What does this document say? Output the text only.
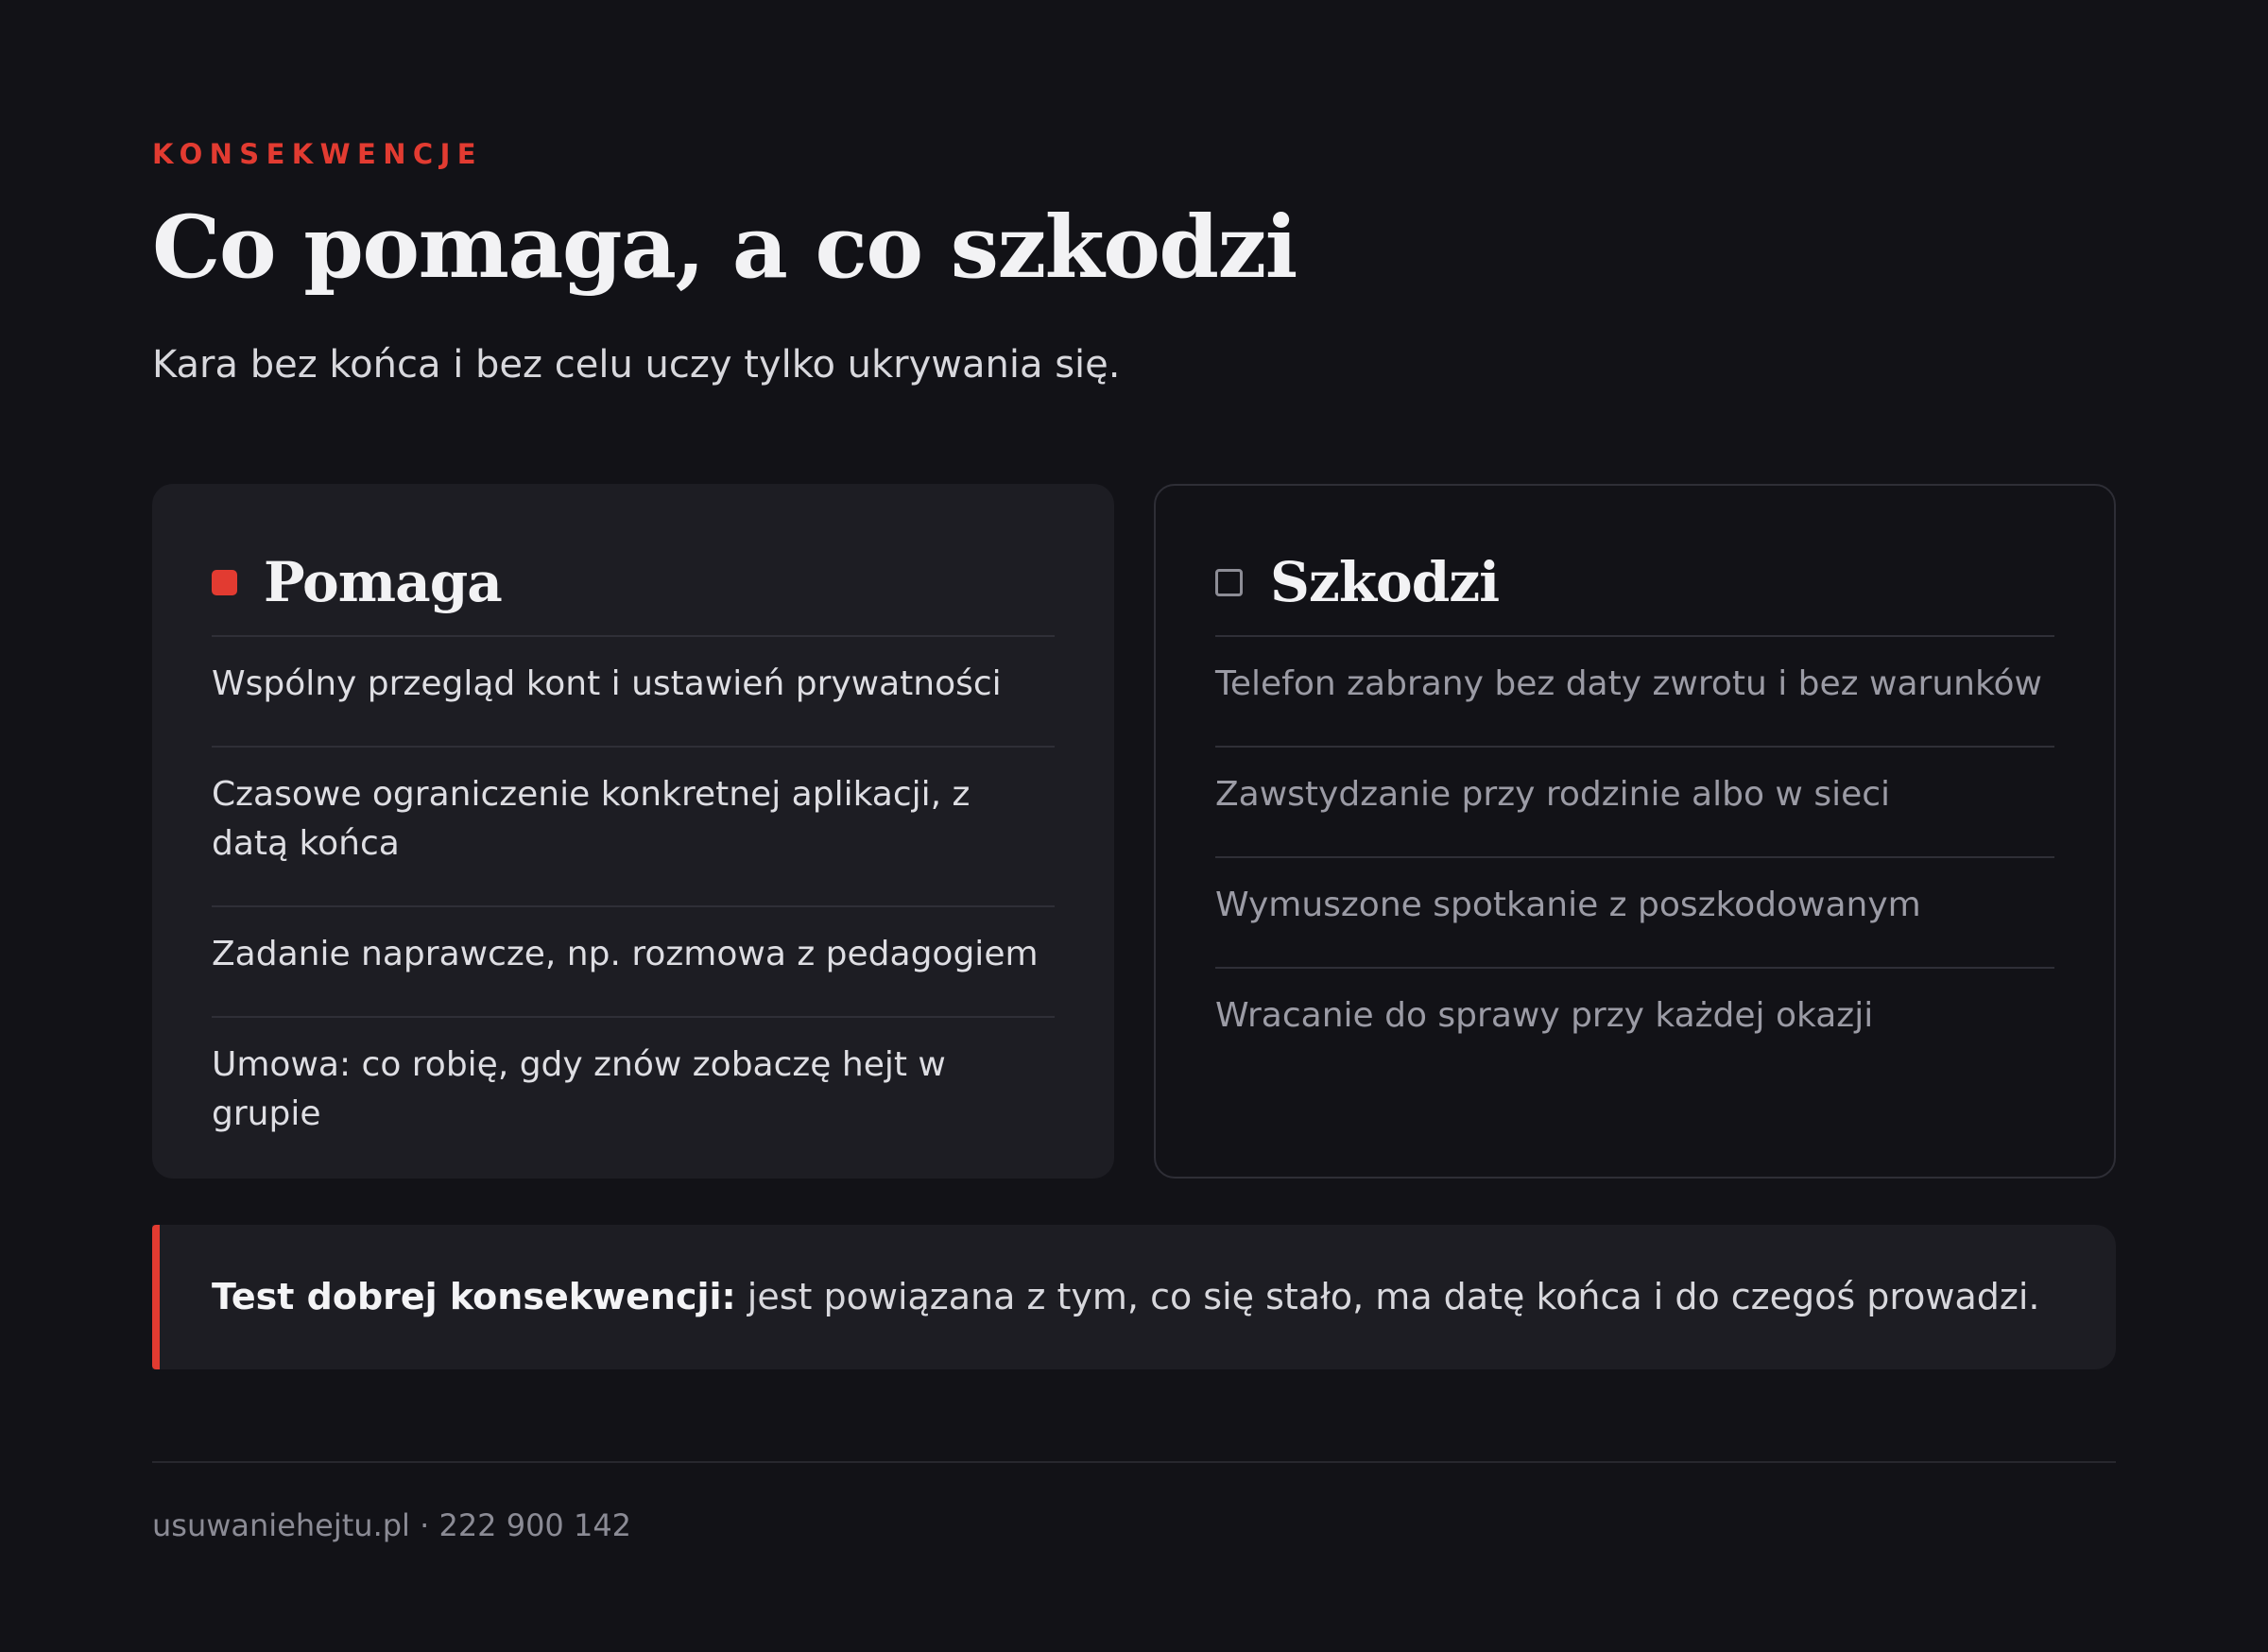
KONSEKWENCJE
Co pomaga, a co szkodzi

Kara bez końca i bez celu uczy tylko ukrywania się.

Pomaga
Wspólny przegląd kont i ustawień prywatności
Czasowe ograniczenie konkretnej aplikacji, z datą końca
Zadanie naprawcze, np. rozmowa z pedagogiem
Umowa: co robię, gdy znów zobaczę hejt w grupie
Szkodzi
Telefon zabrany bez daty zwrotu i bez warunków
Zawstydzanie przy rodzinie albo w sieci
Wymuszone spotkanie z poszkodowanym
Wracanie do sprawy przy każdej okazji
Test dobrej konsekwencji: jest powiązana z tym, co się stało, ma datę końca i do czegoś prowadzi.
usuwaniehejtu.pl · 222 900 142
